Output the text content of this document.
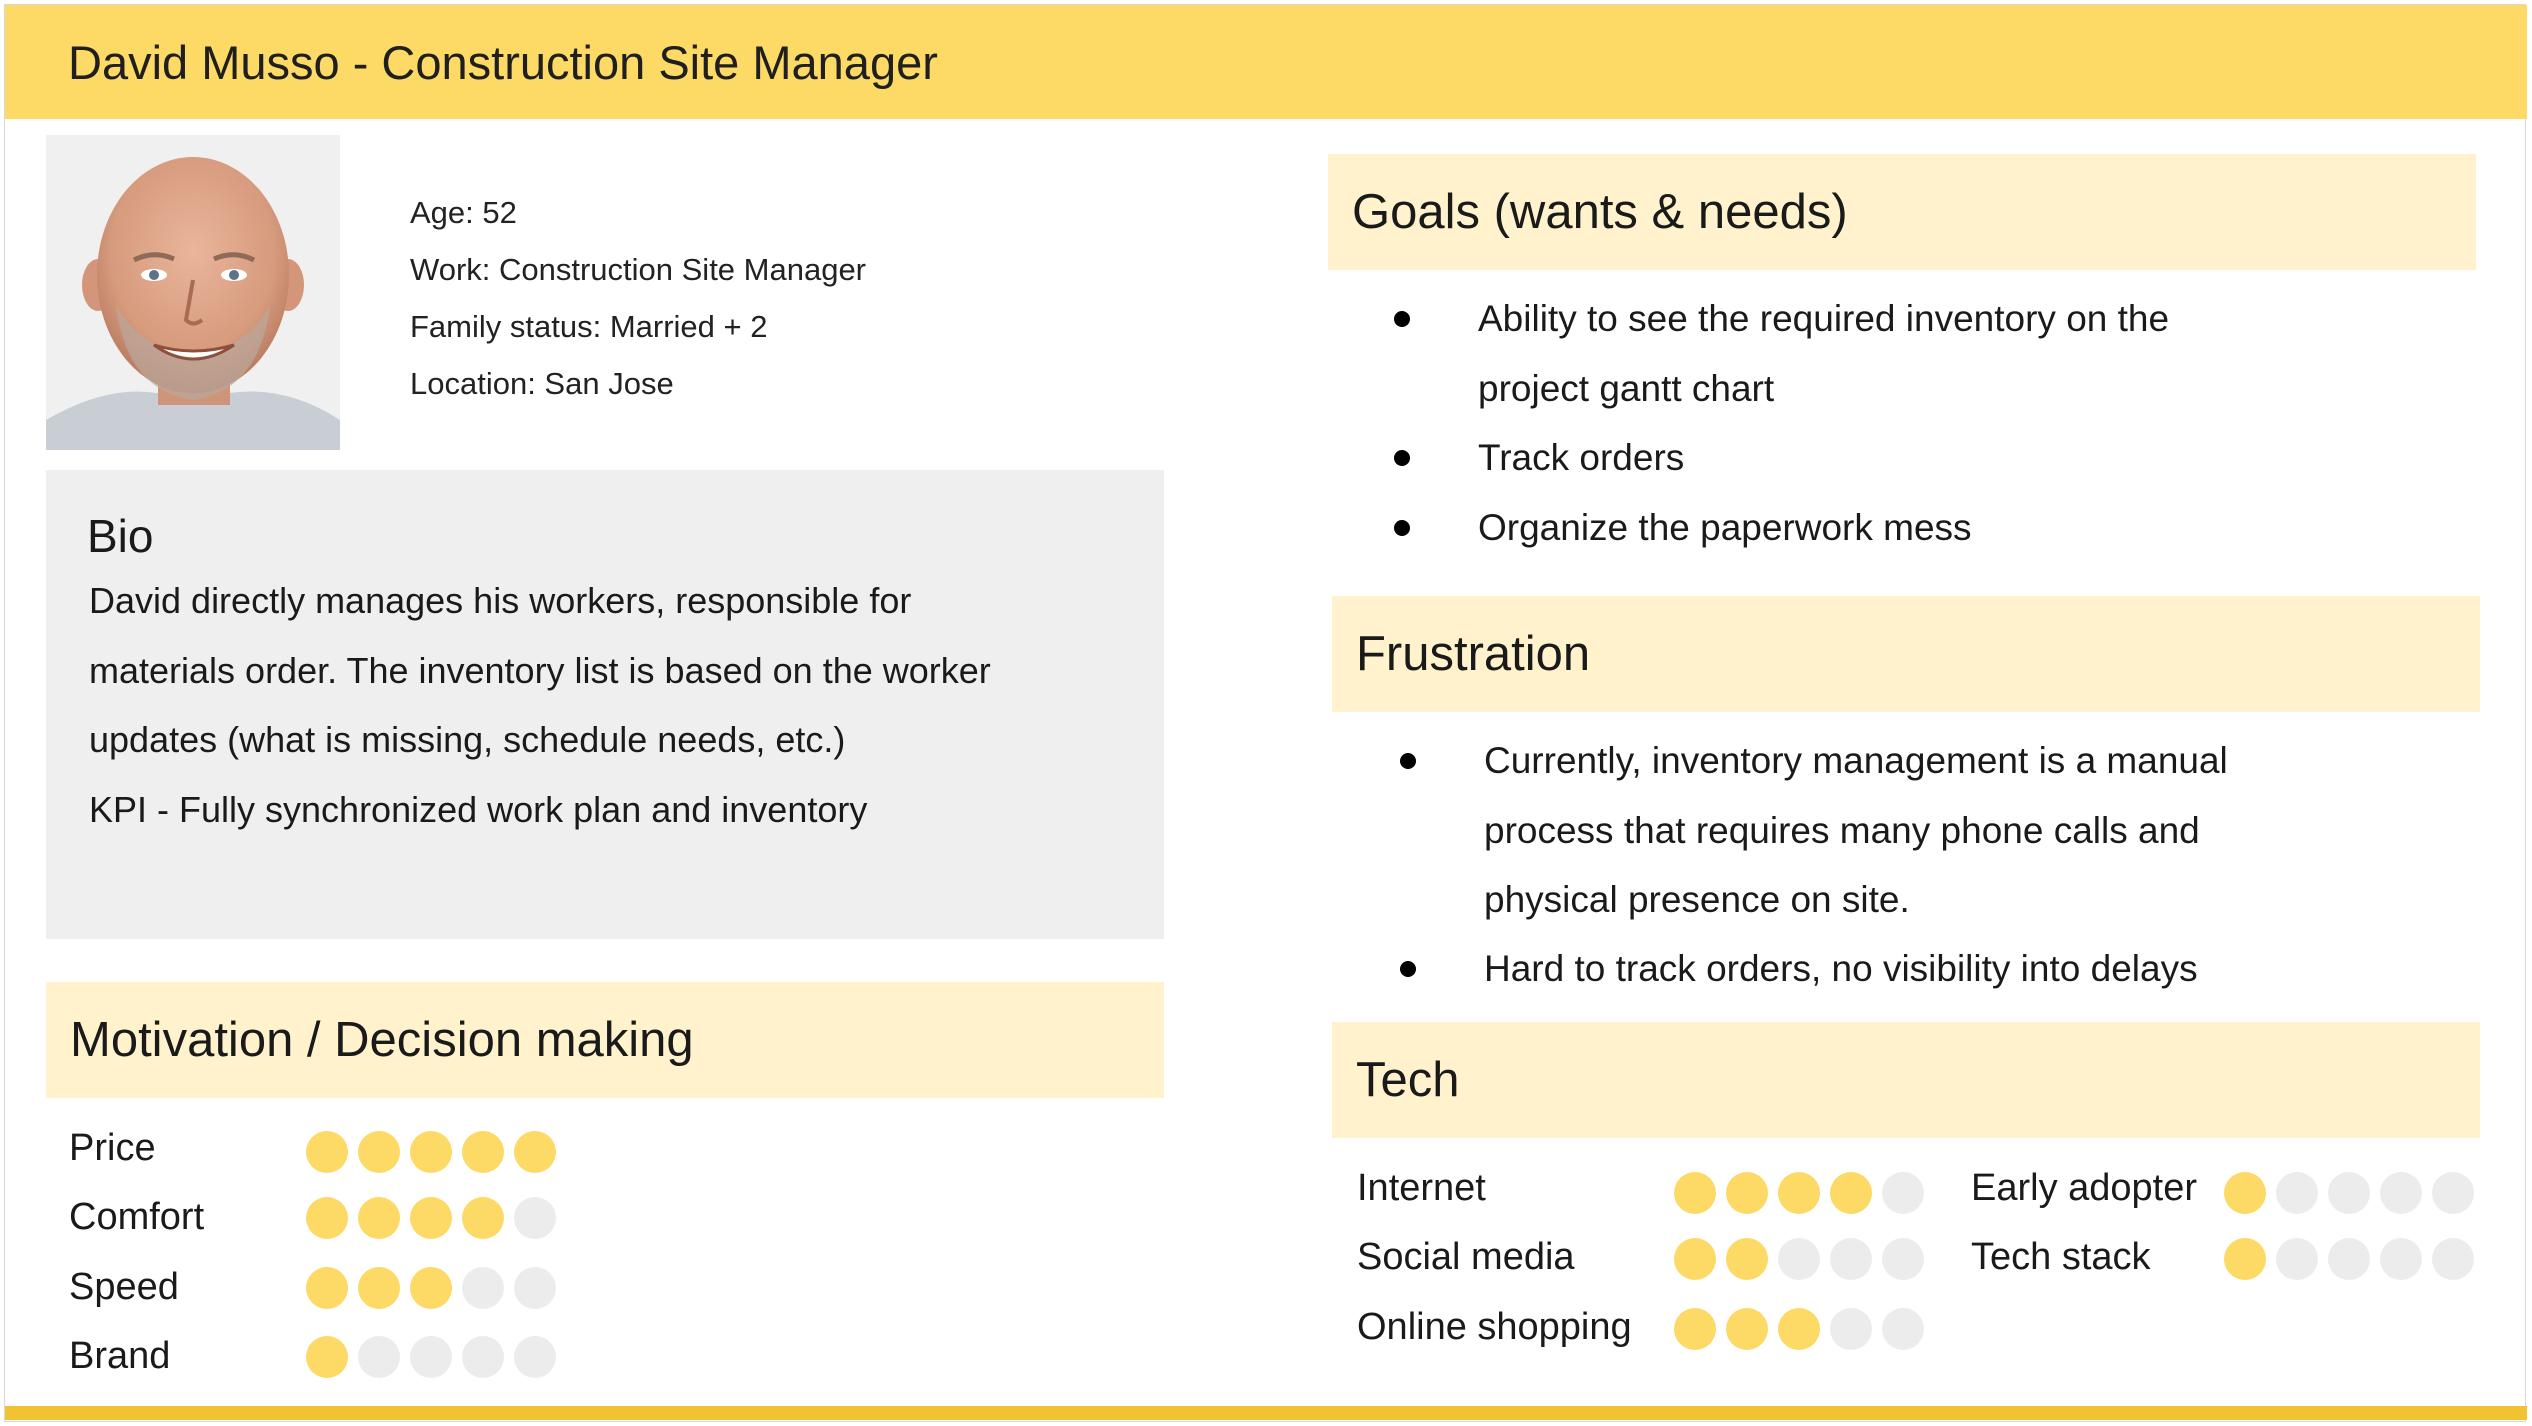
David Musso - Construction Site Manager
Age: 52
Work: Construction Site Manager
Family status: Married + 2
Location: San Jose
Bio
David directly manages his workers, responsible for
materials order. The inventory list is based on the worker
updates (what is missing, schedule needs, etc.)
KPI - Fully synchronized work plan and inventory
Motivation / Decision making
Price
Comfort
Speed
Brand
Goals (wants & needs)
Ability to see the required inventory on the
project gantt chart
Track orders
Organize the paperwork mess
Frustration
Currently, inventory management is a manual
process that requires many phone calls and
physical presence on site.
Hard to track orders, no visibility into delays
Tech
Internet
Social media
Online shopping
Early adopter
Tech stack
